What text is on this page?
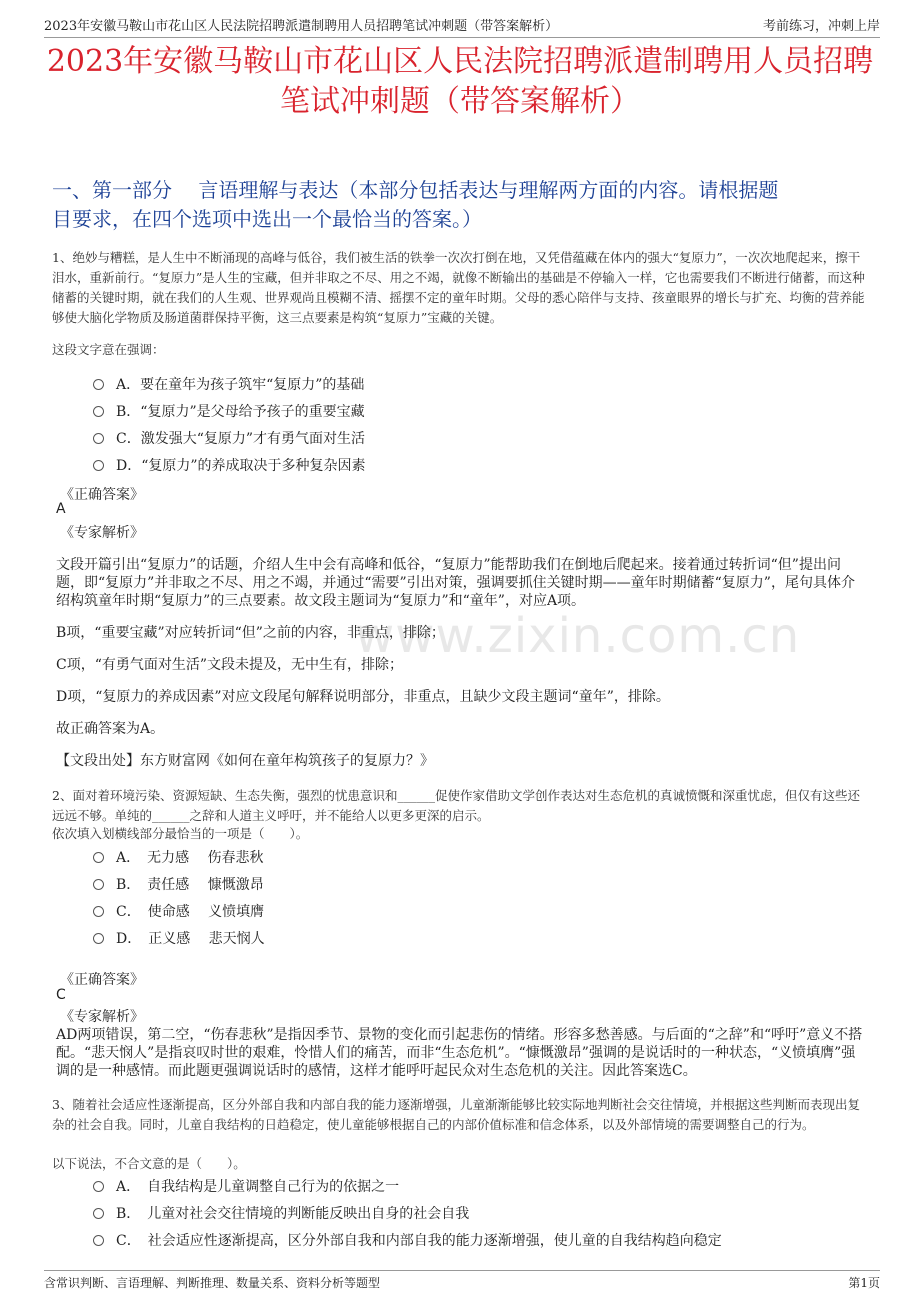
2023年安徽马鞍山市花山区人民法院招聘派遣制聘用人员招聘笔试冲刺题（带答案解析）	考前练习，冲刺上岸
2023年安徽马鞍山市花山区人民法院招聘派遣制聘用人员招聘
笔试冲刺题（带答案解析）
一、第一部分　 言语理解与表达（本部分包括表达与理解两方面的内容。请根据题
目要求，在四个选项中选出一个最恰当的答案。）
www.zixin.com.cn
1、绝妙与糟糕，是人生中不断涌现的高峰与低谷，我们被生活的铁拳一次次打倒在地，又凭借蕴藏在体内的强大“复原力”，一次次地爬起来，擦干泪水，重新前行。“复原力”是人生的宝藏，但并非取之不尽、用之不竭，就像不断输出的基础是不停输入一样，它也需要我们不断进行储蓄，而这种储蓄的关键时期，就在我们的人生观、世界观尚且模糊不清、摇摆不定的童年时期。父母的悉心陪伴与支持、孩童眼界的增长与扩充、均衡的营养能够使大脑化学物质及肠道菌群保持平衡，这三点要素是构筑“复原力”宝藏的关键。
这段文字意在强调：
A．要在童年为孩子筑牢“复原力”的基础
B．“复原力”是父母给予孩子的重要宝藏
C．激发强大“复原力”才有勇气面对生活
D．“复原力”的养成取决于多种复杂因素
《正确答案》
A
《专家解析》
文段开篇引出“复原力”的话题，介绍人生中会有高峰和低谷，“复原力”能帮助我们在倒地后爬起来。接着通过转折词“但”提出问题，即“复原力”并非取之不尽、用之不竭，并通过“需要”引出对策，强调要抓住关键时期——童年时期储蓄“复原力”，尾句具体介绍构筑童年时期“复原力”的三点要素。故文段主题词为“复原力”和“童年”，对应A项。
B项，“重要宝藏”对应转折词“但”之前的内容，非重点，排除；
C项，“有勇气面对生活”文段未提及，无中生有，排除；
D项，“复原力的养成因素”对应文段尾句解释说明部分，非重点，且缺少文段主题词“童年”，排除。
故正确答案为A。
【文段出处】东方财富网《如何在童年构筑孩子的复原力？》
2、面对着环境污染、资源短缺、生态失衡，强烈的忧患意识和______促使作家借助文学创作表达对生态危机的真诚愤慨和深重忧虑，但仅有这些还远远不够。单纯的______之辞和人道主义呼吁，并不能给人以更多更深的启示。
依次填入划横线部分最恰当的一项是（　　）。
A．　无力感　 伤春悲秋
B．　责任感　 慷慨激昂
C．　使命感　 义愤填膺
D．　正义感　 悲天悯人
《正确答案》
C
《专家解析》
AD两项错误，第二空，“伤春悲秋”是指因季节、景物的变化而引起悲伤的情绪。形容多愁善感。与后面的“之辞”和“呼吁”意义不搭配。“悲天悯人”是指哀叹时世的艰难，怜惜人们的痛苦，而非“生态危机”。“慷慨激昂”强调的是说话时的一种状态，“义愤填膺”强调的是一种感情。而此题更强调说话时的感情，这样才能呼吁起民众对生态危机的关注。因此答案选C。
3、随着社会适应性逐渐提高，区分外部自我和内部自我的能力逐渐增强，儿童渐渐能够比较实际地判断社会交往情境，并根据这些判断而表现出复杂的社会自我。同时，儿童自我结构的日趋稳定，使儿童能够根据自己的内部价值标准和信念体系，以及外部情境的需要调整自己的行为。
以下说法，不合文意的是（　　）。
A．　自我结构是儿童调整自己行为的依据之一
B．　儿童对社会交往情境的判断能反映出自身的社会自我
C．　社会适应性逐渐提高，区分外部自我和内部自我的能力逐渐增强，使儿童的自我结构趋向稳定
含常识判断、言语理解、判断推理、数量关系、资料分析等题型	第1页
